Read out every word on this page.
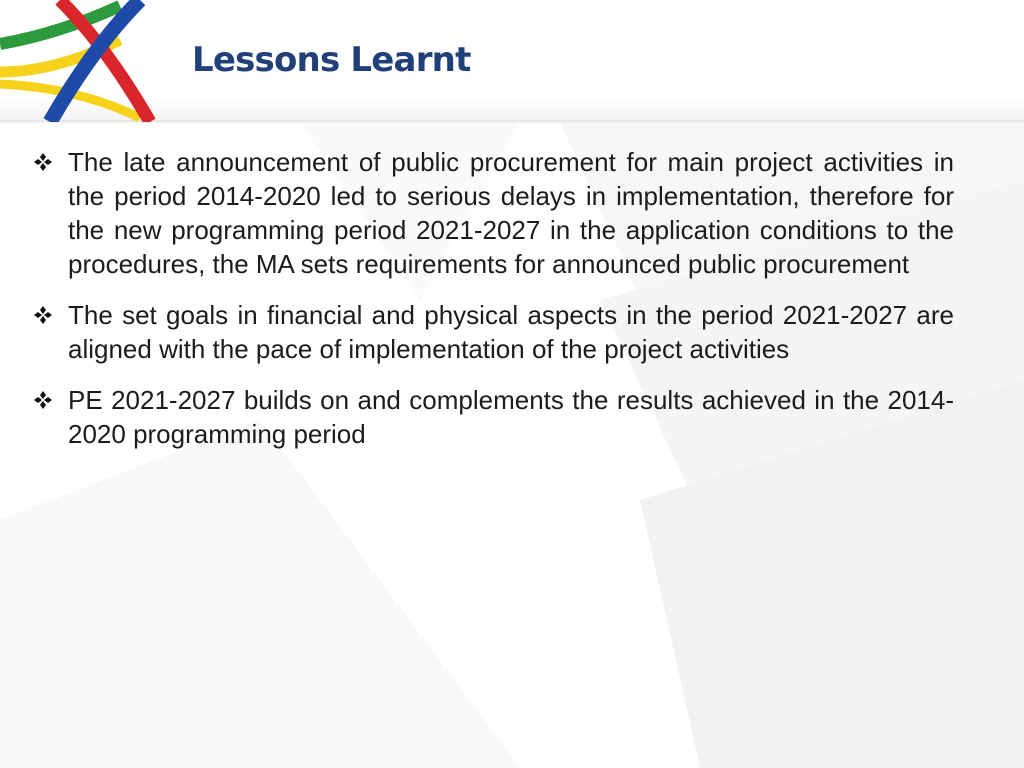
Lessons Learnt
The late announcement of public procurement for main project activities in the period 2014-2020 led to serious delays in implementation, therefore for the new programming period 2021-2027 in the application conditions to the procedures, the MA sets requirements for announced public procurement
The set goals in financial and physical aspects in the period 2021-2027 are aligned with the pace of implementation of the project activities
PE 2021-2027 builds on and complements the results achieved in the 2014-2020 programming period
